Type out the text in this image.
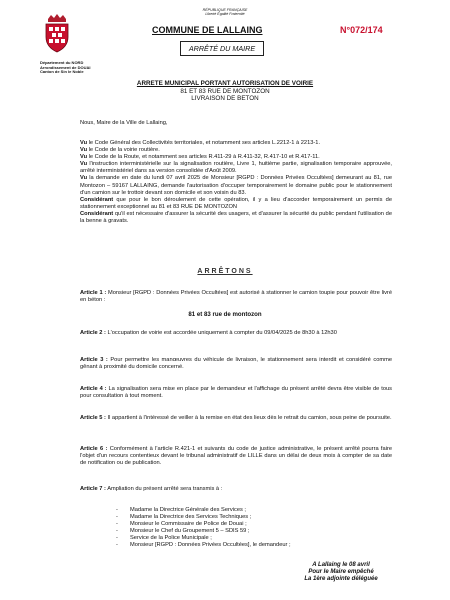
RÉPUBLIQUE FRANÇAISE
Liberté Égalité Fraternité
Département du NORD
Arrondissement de DOUAI
Canton de Sin le Noble
COMMUNE DE LALLAING	N°072/174
ARRÊTÉ DU MAIRE
ARRETE MUNICIPAL PORTANT AUTORISATION DE VOIRIE
81 ET 83 RUE DE MONTOZON
LIVRAISON DE BETON
Nous, Maire de la Ville de Lallaing,
Vu le Code Général des Collectivités territoriales, et notamment ses articles L.2212-1 à 2213-1.
Vu le Code de la voirie routière.
Vu le Code de la Route, et notamment ses articles R.411-29 à R.411-32, R.417-10 et R.417-11.
Vu l'instruction interministérielle sur la signalisation routière, Livre 1, huitième partie, signalisation temporaire approuvée, arrêté interministériel dans sa version consolidée d'Août 2009.
Vu la demande en date du lundi 07 avril 2025 de Monsieur [RGPD : Données Privées Occultées] demeurant au 81, rue Montozon – 59167 LALLAING, demande l'autorisation d'occuper temporairement le domaine public pour le stationnement d'un camion sur le trottoir devant son domicile et son voisin du 83.
Considérant que pour le bon déroulement de cette opération, il y a lieu d'accorder temporairement un permis de stationnement exceptionnel au 81 et 83 RUE DE MONTOZON
Considérant qu'il est nécessaire d'assurer la sécurité des usagers, et d'assurer la sécurité du public pendant l'utilisation de la benne à gravats.
ARRÊTONS
Article 1 : Monsieur [RGPD : Données Privées Occultées] est autorisé à stationner le camion toupie pour pouvoir être livré en béton :
81 et 83 rue de montozon
Article 2 : L'occupation de voirie est accordée uniquement à compter du 09/04/2025 de 8h30 à 12h30
Article 3 : Pour permettre les manœuvres du véhicule de livraison, le stationnement sera interdit et considéré comme gênant à proximité du domicile concerné.
Article 4 : La signalisation sera mise en place par le demandeur et l'affichage du présent arrêté devra être visible de tous pour consultation à tout moment.
Article 5 : Il appartient à l'intéressé de veiller à la remise en état des lieux dès le retrait du camion, sous peine de poursuite.
Article 6 : Conformément à l'article R.421-1 et suivants du code de justice administrative, le présent arrêté pourra faire l'objet d'un recours contentieux devant le tribunal administratif de LILLE dans un délai de deux mois à compter de sa date de notification ou de publication.
Article 7 : Ampliation du présent arrêté sera transmis à :
- Madame la Directrice Générale des Services ;
- Madame la Directrice des Services Techniques ;
- Monsieur le Commissaire de Police de Douai ;
- Monsieur le Chef du Groupement 5 – SDIS 59 ;
- Service de la Police Municipale ;
- Monsieur [RGPD : Données Privées Occultées], le demandeur ;
A Lallaing le 08 avril
Pour le Maire empêché
La 1ère adjointe déléguée
